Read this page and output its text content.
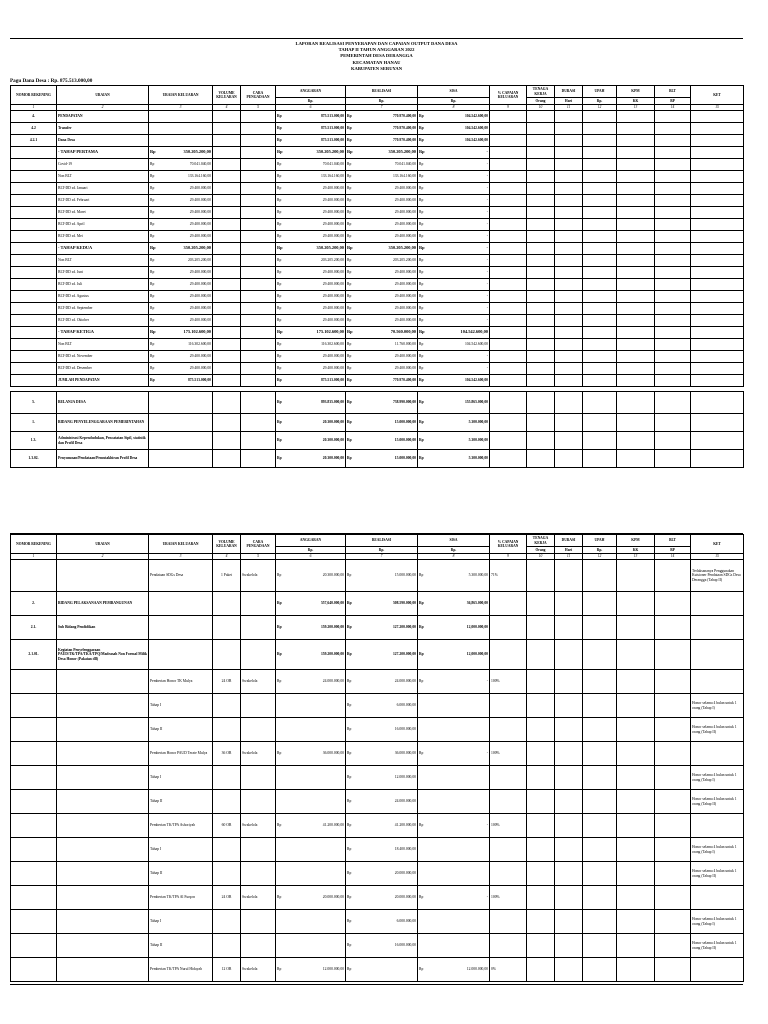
LAPORAN REALISASI PENYERAPAN DAN CAPAIAN OUTPUT DANA DESA
TAHAP II TAHUN ANGGARAN 2022
PEMERINTAH DESA DERANGGA
KECAMATAN HANAU
KABUPATEN SERUYAN
Pagu Dana Desa : Rp. 875.513.000,00
NOMOR REKENING	URAIAN	URAIAN KELUARAN	VOLUME KELUARAN	CARA PENGADAAN	ANGGARAN	REALISASI	SISA	% CAPAIAN KELUARAN	TENAGA KERJA	DURASI	UPAH	KPM	BLT	KET
					Rp.	Rp.	Rp.		Orang	Hari	Rp.	KK	BP	
1	2	3	4	5	6	7	8	9	10	11	12	13	14	15
4.	PENDAPATAN				Rp 875.513.000,00	Rp 770.970.400,00	Rp 104.542.600,00							

4.2	Transfer				Rp 875.513.000,00	Rp 770.970.400,00	Rp 104.542.600,00							

4.2.1	Dana Desa				Rp 875.513.000,00	Rp 770.970.400,00	Rp 104.542.600,00							

	- TAHAP PERTAMA	Rp 350.205.200,00			Rp 350.205.200,00	Rp 350.205.200,00	Rp -							

	Covid-19	Rp 70.041.040,00			Rp 70.041.040,00	Rp 70.041.040,00	Rp -							

	Non BLT	Rp 133.164.160,00			Rp 133.164.160,00	Rp 133.164.160,00	Rp -							

	BLT-DD sd. Januari	Rp 29.400.000,00			Rp 29.400.000,00	Rp 29.400.000,00	Rp -							

	BLT-DD sd. Februari	Rp 29.400.000,00			Rp 29.400.000,00	Rp 29.400.000,00	Rp -							

	BLT-DD sd. Maret	Rp 29.400.000,00			Rp 29.400.000,00	Rp 29.400.000,00	Rp -							

	BLT-DD sd. April	Rp 29.400.000,00			Rp 29.400.000,00	Rp 29.400.000,00	Rp -							

	BLT-DD sd. Mei	Rp 29.400.000,00			Rp 29.400.000,00	Rp 29.400.000,00	Rp -							

	- TAHAP KEDUA	Rp 350.205.200,00			Rp 350.205.200,00	Rp 350.205.200,00	Rp -							

	Non BLT	Rp 203.205.200,00			Rp 203.205.200,00	Rp 203.205.200,00	Rp -							

	BLT-DD sd. Juni	Rp 29.400.000,00			Rp 29.400.000,00	Rp 29.400.000,00	Rp -							

	BLT-DD sd. Juli	Rp 29.400.000,00			Rp 29.400.000,00	Rp 29.400.000,00	Rp -							

	BLT-DD sd. Agustus	Rp 29.400.000,00			Rp 29.400.000,00	Rp 29.400.000,00	Rp -							

	BLT-DD sd. September	Rp 29.400.000,00			Rp 29.400.000,00	Rp 29.400.000,00	Rp -							

	BLT-DD sd. Oktober	Rp 29.400.000,00			Rp 29.400.000,00	Rp 29.400.000,00	Rp -							

	- TAHAP KETIGA	Rp 175.102.600,00			Rp 175.102.600,00	Rp 70.560.000,00	Rp 104.542.600,00							

	Non BLT	Rp 116.302.600,00			Rp 116.302.600,00	Rp 11.760.000,00	Rp 104.542.600,00							

	BLT-DD sd. November	Rp 29.400.000,00			Rp 29.400.000,00	Rp 29.400.000,00	Rp -							

	BLT-DD sd. Desember	Rp 29.400.000,00			Rp 29.400.000,00	Rp 29.400.000,00	Rp -							

	JUMLAH PENDAPATAN	Rp 875.513.000,00			Rp 875.513.000,00	Rp 770.970.400,00	Rp 104.542.600,00							

5.	BELANJA DESA				Rp 893.835.000,00	Rp 738.990.000,00	Rp 155.865.000,00							

1.	BIDANG PENYELENGGARAAN PEMERINTAHAN				Rp 20.300.000,00	Rp 15.000.000,00	Rp 5.300.000,00							

1.3.	Administrasi Kependudukan, Pencatatan Sipil, statistik dan Profil Desa				Rp 20.300.000,00	Rp 15.000.000,00	Rp 5.300.000,00							

1.3.02.	Penyusunan/Pendataan/Pemutakhiran Profil Desa				Rp 20.300.000,00	Rp 15.000.000,00	Rp 5.300.000,00							

NOMOR REKENING	URAIAN	URAIAN KELUARAN	VOLUME KELUARAN	CARA PENGADAAN	ANGGARAN	REALISASI	SISA	% CAPAIAN KELUARAN	TENAGA KERJA	DURASI	UPAH	KPM	BLT	KET
					Rp.	Rp.	Rp.		Orang	Hari	Rp.	KK	BP	
1	2	3	4	5	6	7	8	9	10	11	12	13	14	15
		Pendataan SDGs Desa	1 Paket	Swakelola	Rp 20.300.000,00	Rp 15.000.000,00	Rp 5.300.000,00	71%						Terlaksananya Penggunakan Kuisioner Pendataan SDGs Desa Derangga (Tahap II)
2.	BIDANG PELAKSANAAN PEMBANGUNAN				Rp 557,640.000,00	Rp 508.590.000,00	Rp 36,865.000,00							

2.1.	Sub Bidang Pendidikan				Rp 159.200.000,00	Rp 127.200.000,00	Rp 12,000.000,00							

2.1.01.	Kegiatan Penyelenggaraan PAUD/TK/TPA/TKA/TPQ/Madrasah Non Formal Milik Desa Honor (Pakaian dll)				Rp 159.200.000,00	Rp 127.200.000,00	Rp 12,000.000,00							

		Pemberian Honor TK Mulya	24 OB	Swakelola	Rp 24.000.000,00	Rp 24.000.000,00	Rp -	100%						
		Tahap I				Rp 6.000.000,00								Honor selama 4 bulan untuk 1 orang (Tahap I)
		Tahap II				Rp 16.000.000,00								Honor selama 4 bulan untuk 1 orang (Tahap II)
		Pemberian Honor PAUD Terate Mulya	36 OB	Swakelola	Rp 36.000.000,00	Rp 36.000.000,00	Rp -	100%						
		Tahap I				Rp 12.000.000,00								Honor selama 4 bulan untuk 1 orang (Tahap I)
		Tahap II				Rp 24.000.000,00								Honor selama 4 bulan untuk 1 orang (Tahap II)
		Pemberian TK/TPA Ashoriyah	60 OB	Swakelola	Rp 41.200.000,00	Rp 41.200.000,00	Rp -	100%						
		Tahap I				Rp 18.400.000,00								Honor selama 4 bulan untuk 1 orang (Tahap I)
		Tahap II				Rp 20.000.000,00								Honor selama 4 bulan untuk 1 orang (Tahap II)
		Pemberian TK/TPA Al Furqon	24 OB	Swakelola	Rp 20.000.000,00	Rp 20.000.000,00	Rp -	100%						
		Tahap I				Rp 6.000.000,00								Honor selama 4 bulan untuk 1 orang (Tahap I)
		Tahap II				Rp 16.000.000,00								Honor selama 4 bulan untuk 1 orang (Tahap II)
		Pemberian TK/TPA Nurul Hidayah	12 OB	Swakelola	Rp 12.000.000,00	Rp	Rp 12.000.000,00	0%						
